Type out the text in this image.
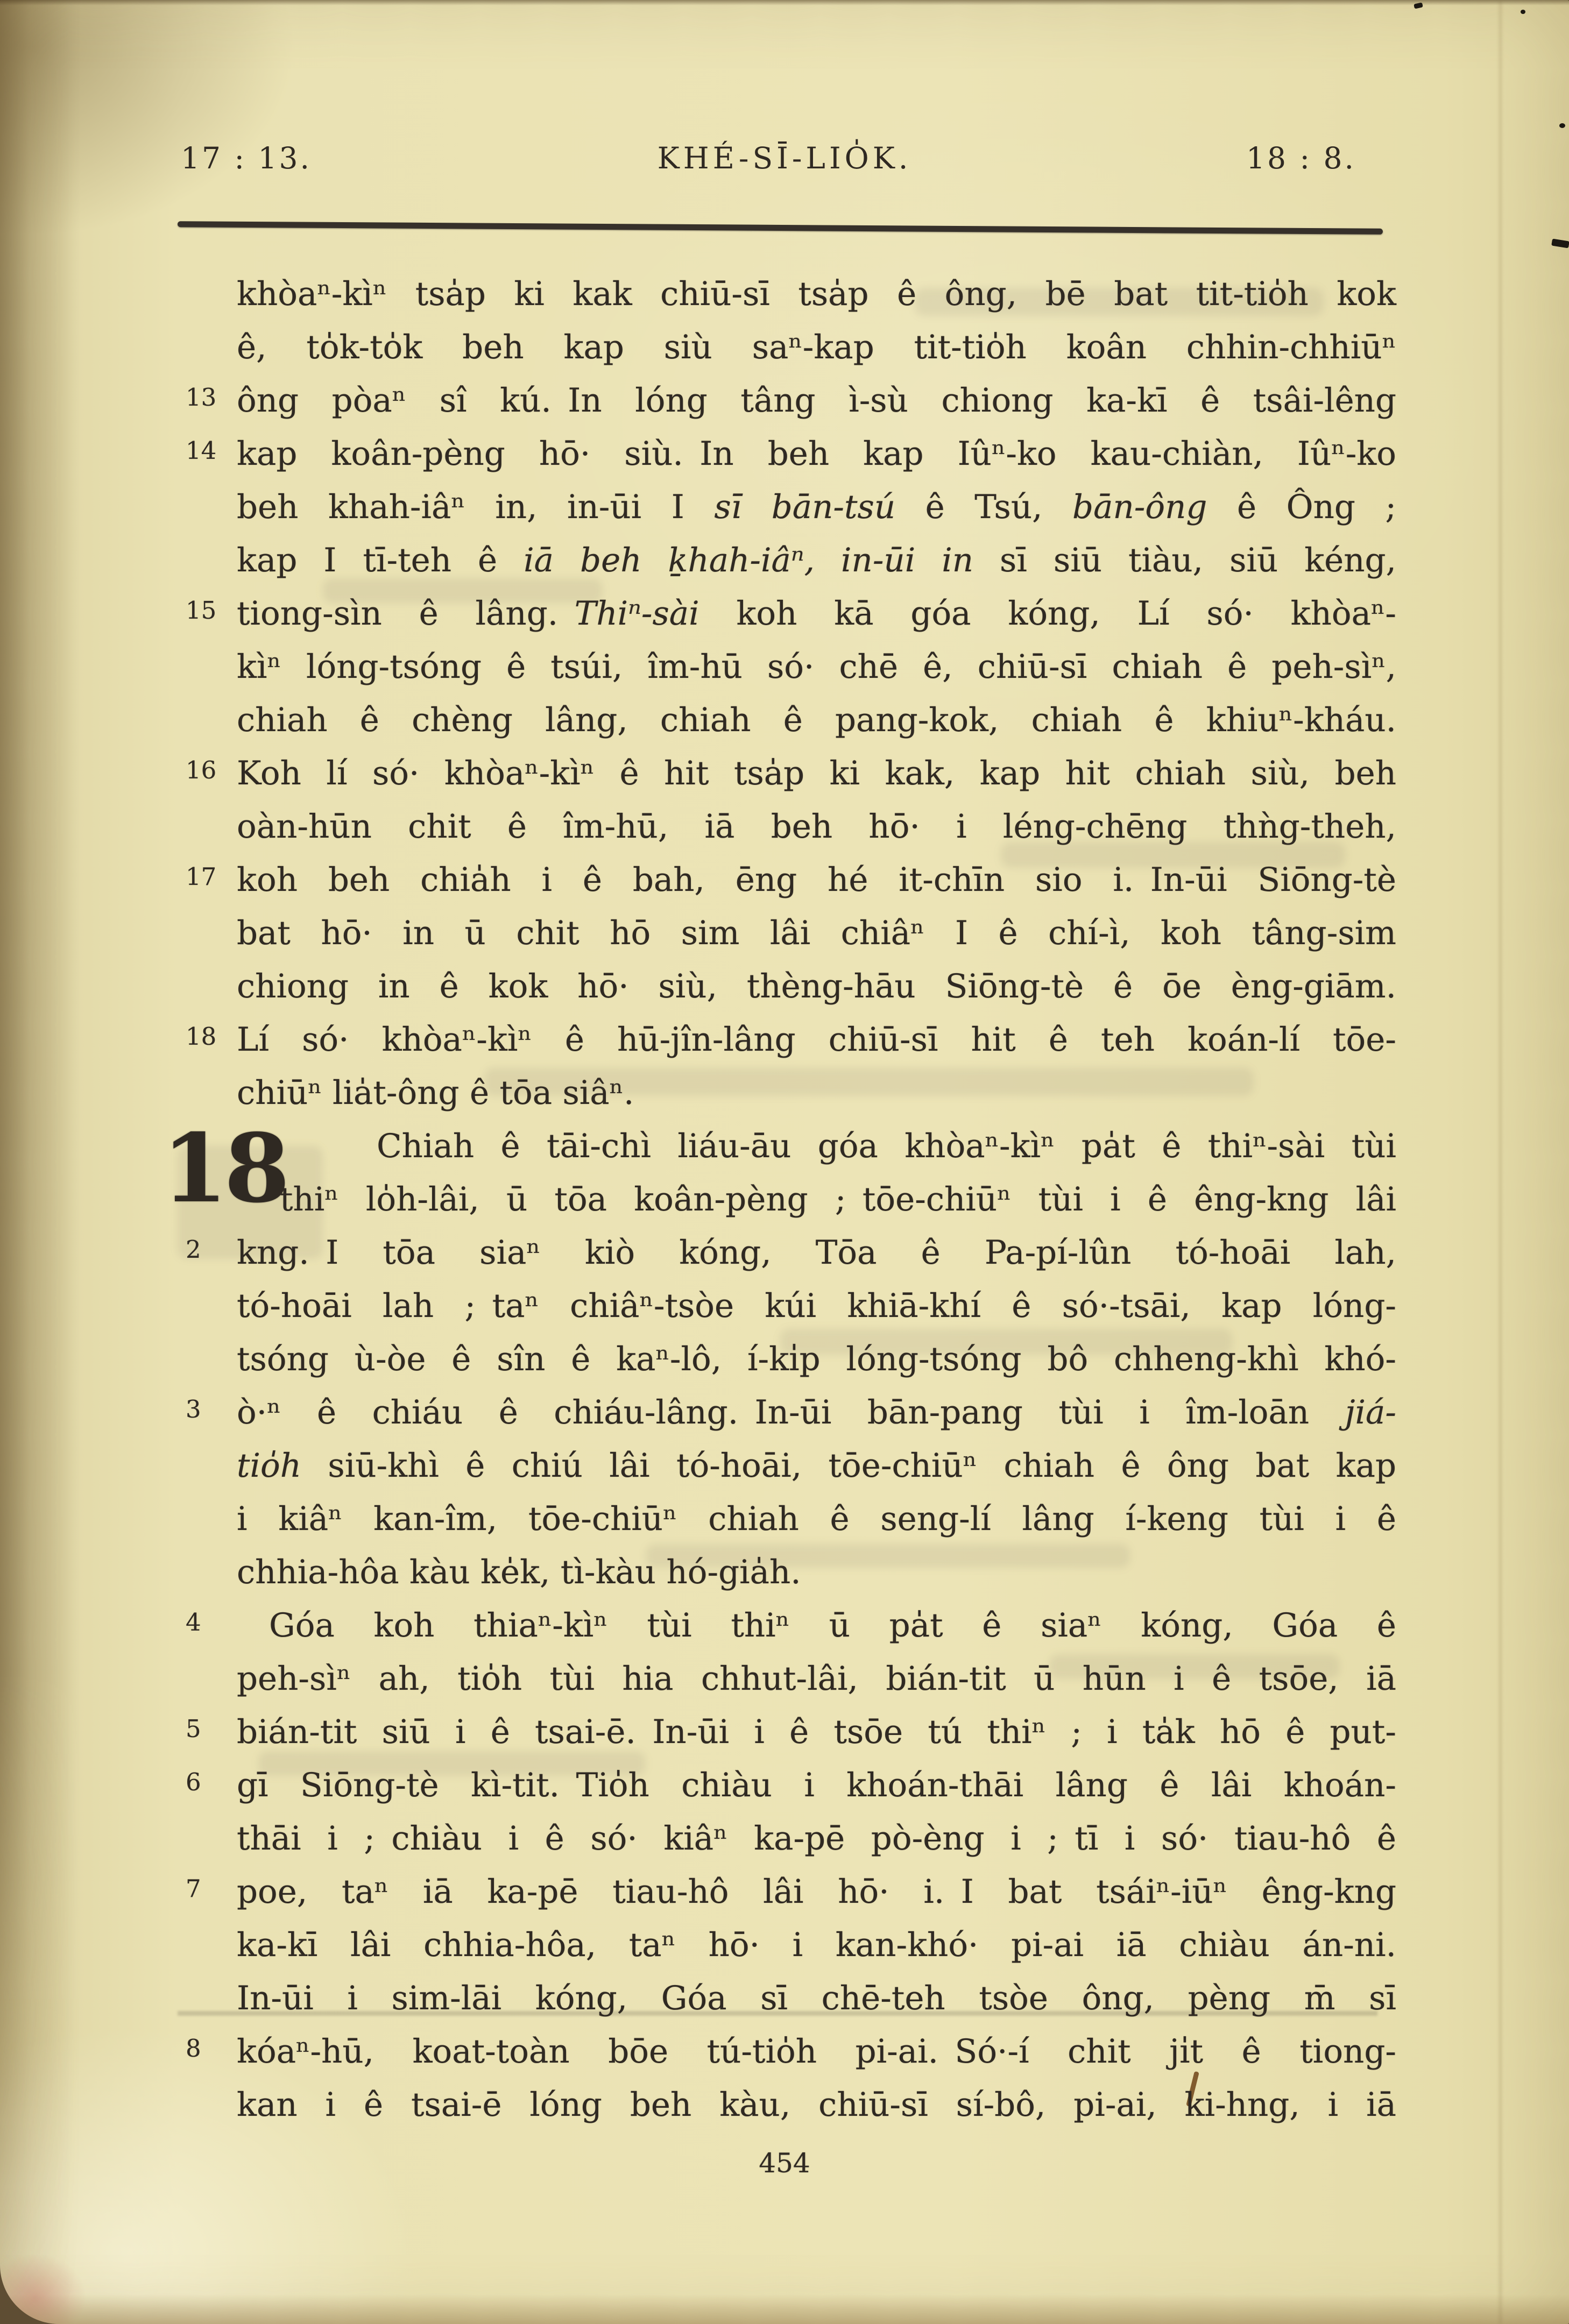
17 : 13.	KHÉ-SĪ-LIO̍K.	18 : 8.
18
khòaⁿ-kìⁿ tsa̍p ki kak chiū-sī tsa̍p ê ông, bē bat tit-tio̍h kok
ê, to̍k-to̍k beh kap siù saⁿ-kap tit-tio̍h koân chhin-chhiūⁿ
13 ông pòaⁿ sî kú. In lóng tâng ì-sù chiong ka-kī ê tsâi-lêng
14 kap koân-pèng hō· siù. In beh kap Iûⁿ-ko kau-chiàn, Iûⁿ-ko
beh khah-iâⁿ in, in-ūi I sī bān-tsú ê Tsú, bān-ông ê Ông ;
kap I tī-teh ê iā beh ḵhah-iâⁿ, in-ūi in sī siū tiàu, siū kéng,
15 tiong-sìn ê lâng. Thiⁿ-sài koh kā góa kóng, Lí só· khòaⁿ-
kìⁿ lóng-tsóng ê tsúi, îm-hū só· chē ê, chiū-sī chiah ê peh-sìⁿ,
chiah ê chèng lâng, chiah ê pang-kok, chiah ê khiuⁿ-kháu.
16 Koh lí só· khòaⁿ-kìⁿ ê hit tsa̍p ki kak, kap hit chiah siù, beh
oàn-hūn chit ê îm-hū, iā beh hō· i léng-chēng thǹg-theh,
17 koh beh chia̍h i ê bah, ēng hé it-chīn sio i. In-ūi Siōng-tè
bat hō· in ū chit hō sim lâi chiâⁿ I ê chí-ì, koh tâng-sim
chiong in ê kok hō· siù, thèng-hāu Siōng-tè ê ōe èng-giām.
18 Lí só· khòaⁿ-kìⁿ ê hū-jîn-lâng chiū-sī hit ê teh koán-lí tōe-
chiūⁿ lia̍t-ông ê tōa siâⁿ.
Chiah ê tāi-chì liáu-āu góa khòaⁿ-kìⁿ pa̍t ê thiⁿ-sài tùi
thiⁿ lo̍h-lâi, ū tōa koân-pèng ; tōe-chiūⁿ tùi i ê êng-kng lâi
2 kng. I tōa siaⁿ kiò kóng, Tōa ê Pa-pí-lûn tó-hoāi lah,
tó-hoāi lah ; taⁿ chiâⁿ-tsòe kúi khiā-khí ê só·-tsāi, kap lóng-
tsóng ù-òe ê sîn ê kaⁿ-lô, í-ki̍p lóng-tsóng bô chheng-khì khó-
3 ò·ⁿ ê chiáu ê chiáu-lâng. In-ūi bān-pang tùi i îm-loān jiá-
tio̍h siū-khì ê chiú lâi tó-hoāi, tōe-chiūⁿ chiah ê ông bat kap
i kiâⁿ kan-îm, tōe-chiūⁿ chiah ê seng-lí lâng í-keng tùi i ê
chhia-hôa kàu ke̍k, tì-kàu hó-gia̍h.
4 Góa koh thiaⁿ-kìⁿ tùi thiⁿ ū pa̍t ê siaⁿ kóng, Góa ê
peh-sìⁿ ah, tio̍h tùi hia chhut-lâi, bián-tit ū hūn i ê tsōe, iā
5 bián-tit siū i ê tsai-ē. In-ūi i ê tsōe tú thiⁿ ; i ta̍k hō ê put-
6 gī Siōng-tè kì-tit. Tio̍h chiàu i khoán-thāi lâng ê lâi khoán-
thāi i ; chiàu i ê só· kiâⁿ ka-pē pò-èng i ; tī i só· tiau-hô ê
7 poe, taⁿ iā ka-pē tiau-hô lâi hō· i. I bat tsáiⁿ-iūⁿ êng-kng
ka-kī lâi chhia-hôa, taⁿ hō· i kan-khó· pi-ai iā chiàu án-ni.
In-ūi i sim-lāi kóng, Góa sī chē-teh tsòe ông, pèng m̄ sī
8 kóaⁿ-hū, koat-toàn bōe tú-tio̍h pi-ai. Só·-í chit ji̍t ê tiong-
kan i ê tsai-ē lóng beh kàu, chiū-sī sí-bô, pi-ai, ki-hng, i iā
454
